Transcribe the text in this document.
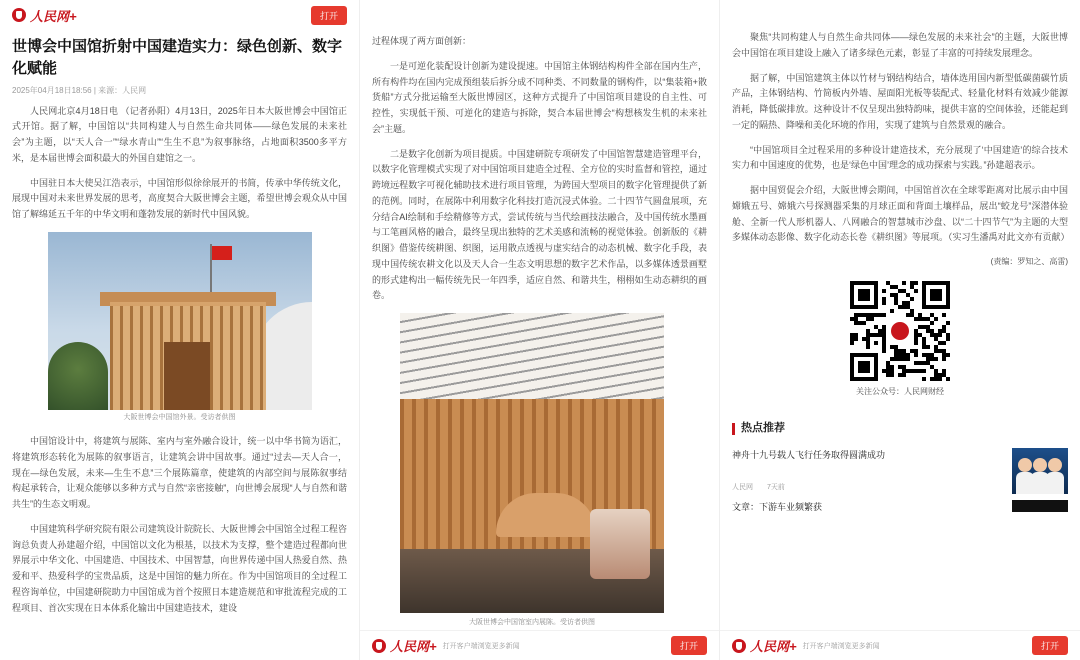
人民网+	打开
世博会中国馆折射中国建造实力：绿色创新、数字化赋能
2025年04月18日18:56 | 来源：人民网

人民网北京4月18日电 （记者孙阳）4月13日，2025年日本大阪世博会中国馆正式开馆。据了解，中国馆以“共同构建人与自然生命共同体——绿色发展的未来社会”为主题，以“天人合一”“绿水青山”“生生不息”为叙事脉络，占地面积3500多平方米，是本届世博会面积最大的外国自建馆之一。

中国驻日本大使吴江浩表示，中国馆形似徐徐展开的书简，传承中华传统文化，展现中国对未来世界发展的思考，高度契合大阪世博会主题，希望世博会观众从中国馆了解绵延五千年的中华文明和蓬勃发展的新时代中国风貌。

大阪世博会中国馆外景。受访者供图

中国馆设计中，将建筑与展陈、室内与室外融合设计，统一以中华书简为语汇，将建筑形态转化为展陈的叙事语言，让建筑会讲中国故事。通过“过去—天人合一，现在—绿色发展，未来—生生不息”三个展陈篇章，使建筑的内部空间与展陈叙事结构起承转合，让观众能够以多种方式与自然“亲密接触”，向世博会展现“人与自然和谐共生”的生态文明观。

中国建筑科学研究院有限公司建筑设计院院长、大阪世博会中国馆全过程工程咨询总负责人孙建超介绍，中国馆以文化为根基，以技术为支撑，整个建造过程都向世界展示中华文化、中国建造、中国技术、中国智慧，向世界传递中国人热爱自然、热爱和平、热爱科学的宝贵品质，这是中国馆的魅力所在。作为中国馆项目的全过程工程咨询单位，中国建研院助力中国馆成为首个按照日本建造规范和审批流程完成的工程项目、首次实现在日本体系化输出中国建造技术，建设

过程体现了两方面创新：

一是可逆化装配设计创新为建设提速。中国馆主体钢结构构件全部在国内生产，所有构件均在国内完成预组装后拆分成不同种类、不同数量的钢构件，以“集装箱+散货船”方式分批运输至大阪世博园区，这种方式提升了中国馆项目建设的自主性、可控性，实现低干预、可逆化的建造与拆除，契合本届世博会“构想核发生机的未来社会”主题。

二是数字化创新为项目提质。中国建研院专项研发了中国馆智慧建造管理平台，以数字化管理模式实现了对中国馆项目建造全过程、全方位的实时监督和管控，通过跨境远程数字可视化辅助技术进行项目管理，为跨国大型项目的数字化管理提供了新的范例。同时，在展陈中利用数字化科技打造沉浸式体验。二十四节气圆盘展项，充分结合AI绘制和手绘精修等方式，尝试传统与当代绘画技法融合，及中国传统水墨画与工笔画风格的融合，最终呈现出独特的艺术美感和流畅的视觉体验。创新版的《耕织图》借鉴传统耕图、织图，运用散点透视与虚实结合的动态机械、数字化手段，表现中国传统农耕文化以及天人合一生态文明思想的数字艺术作品，以多媒体透景画墅的形式建构出一幅传统先民一年四季，适应自然、和谐共生，栩栩如生动态耕织的画卷。

大阪世博会中国馆室内展陈。受访者供图
人民网+ 打开客户端浏览更多新闻	打开

聚焦“共同构建人与自然生命共同体——绿色发展的未来社会”的主题，大阪世博会中国馆在项目建设上融入了诸多绿色元素，彰显了丰富的可持续发展理念。

据了解，中国馆建筑主体以竹材与钢结构结合，墙体选用国内新型低碳菌碳竹质产品，主体钢结构、竹简板内外墙、屋面阳光板等装配式、轻量化材料有效减少能源消耗，降低碳排放。这种设计不仅呈现出独特韵味，提供丰富的空间体验，还能起到一定的隔热、降噪和美化环境的作用，实现了建筑与自然景观的融合。

“中国馆项目全过程采用的多种设计建造技术，充分展现了‘中国建造’的综合技术实力和中国速度的优势，也是‘绿色中国’理念的成功探索与实践。”孙建超表示。

据中国贸促会介绍，大阪世博会期间，中国馆首次在全球零距离对比展示由中国嫦娥五号、嫦娥六号探测器采集的月球正面和背面土壤样品，展出“蛟龙号”深潜体验舱、全新一代人形机器人、八网融合的智慧城市沙盘、以“二十四节气”为主题的大型多媒体动态影像、数字化动态长卷《耕织图》等展项。（实习生潘禹对此文亦有贡献）

(责编：罗知之、高雷)
关注公众号：人民网财经
热点推荐
神舟十九号载人飞行任务取得圆满成功
人民网 7天前
文章：下游车业频繁获
人民网+ 打开客户端浏览更多新闻	打开
